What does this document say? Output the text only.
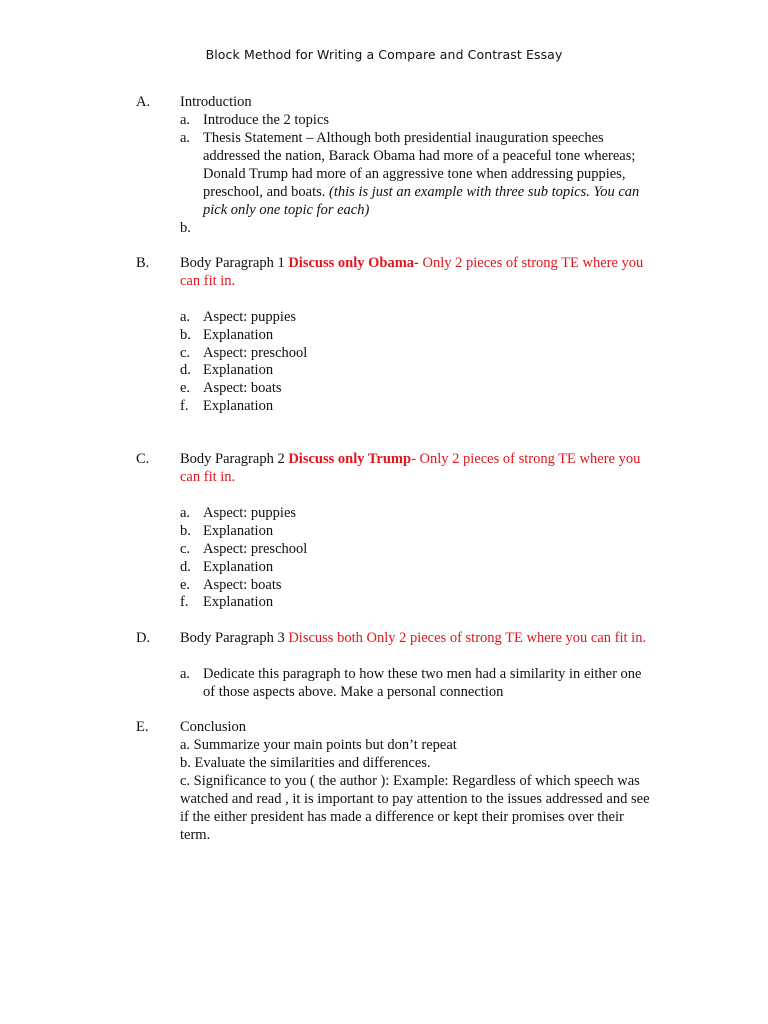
Block Method for Writing a Compare and Contrast Essay
A. Introduction
a. Introduce the 2 topics
a. Thesis Statement – Although both presidential inauguration speeches addressed the nation, Barack Obama had more of a peaceful tone whereas; Donald Trump had more of an aggressive tone when addressing puppies, preschool, and boats. (this is just an example with three sub topics. You can pick only one topic for each)
b.
B. Body Paragraph 1 Discuss only Obama- Only 2 pieces of strong TE where you can fit in.
a. Aspect: puppies
b. Explanation
c. Aspect: preschool
d. Explanation
e. Aspect: boats
f. Explanation
C. Body Paragraph 2 Discuss only Trump- Only 2 pieces of strong TE where you can fit in.
a. Aspect: puppies
b. Explanation
c. Aspect: preschool
d. Explanation
e. Aspect: boats
f. Explanation
D. Body Paragraph 3 Discuss both Only 2 pieces of strong TE where you can fit in.
a. Dedicate this paragraph to how these two men had a similarity in either one of those aspects above. Make a personal connection
E. Conclusion
a. Summarize your main points but don’t repeat
b. Evaluate the similarities and differences.
c. Significance to you ( the author ): Example: Regardless of which speech was watched and read , it is important to pay attention to the issues addressed and see if the either president has made a difference or kept their promises over their term.
